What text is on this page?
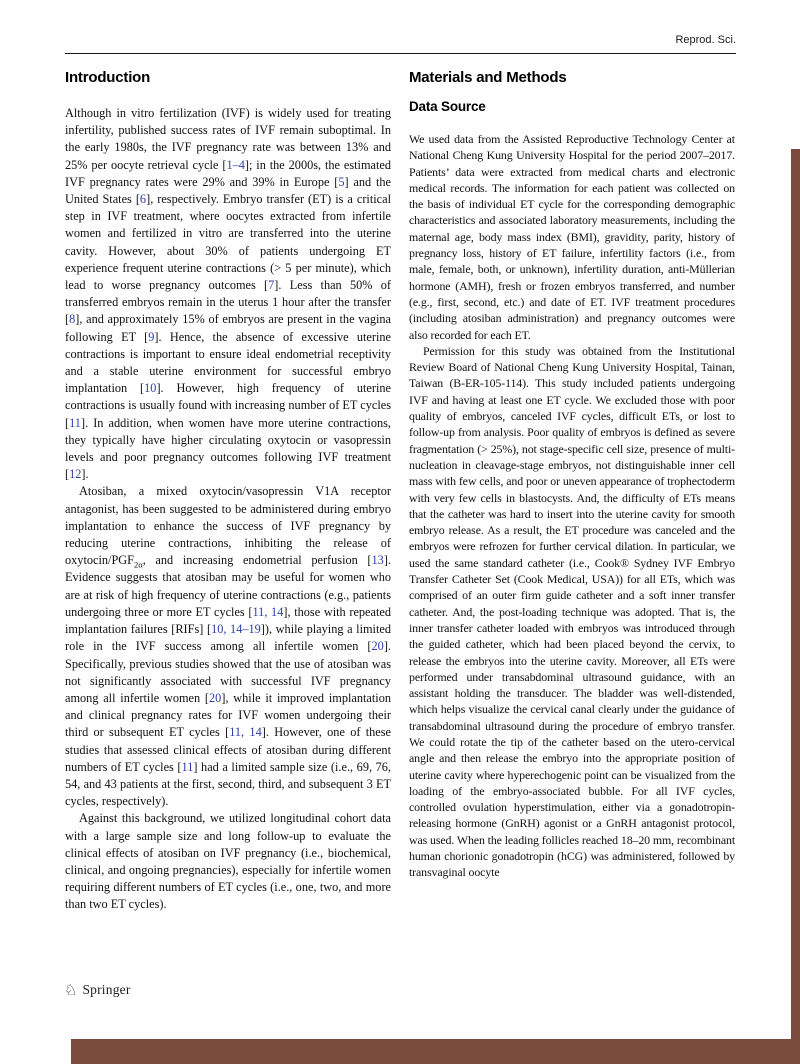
Reprod. Sci.
Introduction

Although in vitro fertilization (IVF) is widely used for treating infertility, published success rates of IVF remain suboptimal. In the early 1980s, the IVF pregnancy rate was between 13% and 25% per oocyte retrieval cycle [1–4]; in the 2000s, the estimated IVF pregnancy rates were 29% and 39% in Europe [5] and the United States [6], respectively. Embryo transfer (ET) is a critical step in IVF treatment, where oocytes extracted from infertile women and fertilized in vitro are transferred into the uterine cavity. However, about 30% of patients undergoing ET experience frequent uterine contractions (> 5 per minute), which lead to worse pregnancy outcomes [7]. Less than 50% of transferred embryos remain in the uterus 1 hour after the transfer [8], and approximately 15% of embryos are present in the vagina following ET [9]. Hence, the absence of excessive uterine contractions is important to ensure ideal endometrial receptivity and a stable uterine environment for successful embryo implantation [10]. However, high frequency of uterine contractions is usually found with increasing number of ET cycles [11]. In addition, when women have more uterine contractions, they typically have higher circulating oxytocin or vasopressin levels and poor pregnancy outcomes following IVF treatment [12].

Atosiban, a mixed oxytocin/vasopressin V1A receptor antagonist, has been suggested to be administered during embryo implantation to enhance the success of IVF pregnancy by reducing uterine contractions, inhibiting the release of oxytocin/$PGF_{2\alpha}$, and increasing endometrial perfusion [13]. Evidence suggests that atosiban may be useful for women who are at risk of high frequency of uterine contractions (e.g., patients undergoing three or more ET cycles [11, 14], those with repeated implantation failures [RIFs] [10, 14–19]), while playing a limited role in the IVF success among all infertile women [20]. Specifically, previous studies showed that the use of atosiban was not significantly associated with successful IVF pregnancy among all infertile women [20], while it improved implantation and clinical pregnancy rates for IVF women undergoing their third or subsequent ET cycles [11, 14]. However, one of these studies that assessed clinical effects of atosiban during different numbers of ET cycles [11] had a limited sample size (i.e., 69, 76, 54, and 43 patients at the first, second, third, and subsequent 3 ET cycles, respectively).

Against this background, we utilized longitudinal cohort data with a large sample size and long follow-up to evaluate the clinical effects of atosiban on IVF pregnancy (i.e., biochemical, clinical, and ongoing pregnancies), especially for infertile women requiring different numbers of ET cycles (i.e., one, two, and more than two ET cycles).

Materials and Methods
Data Source

We used data from the Assisted Reproductive Technology Center at National Cheng Kung University Hospital for the period 2007–2017. Patients’ data were extracted from medical charts and electronic medical records. The information for each patient was collected on the basis of individual ET cycle for the corresponding demographic characteristics and associated laboratory measurements, including the maternal age, body mass index (BMI), gravidity, parity, history of pregnancy loss, history of ET failure, infertility factors (i.e., from male, female, both, or unknown), infertility duration, anti-Müllerian hormone (AMH), fresh or frozen embryos transferred, and number (e.g., first, second, etc.) and date of ET. IVF treatment procedures (including atosiban administration) and pregnancy outcomes were also recorded for each ET.

Permission for this study was obtained from the Institutional Review Board of National Cheng Kung University Hospital, Tainan, Taiwan (B-ER-105-114). This study included patients undergoing IVF and having at least one ET cycle. We excluded those with poor quality of embryos, canceled IVF cycles, difficult ETs, or lost to follow-up from analysis. Poor quality of embryos is defined as severe fragmentation (> 25%), not stage-specific cell size, presence of multi-nucleation in cleavage-stage embryos, not distinguishable inner cell mass with few cells, and poor or uneven appearance of trophectoderm with very few cells in blastocysts. And, the difficulty of ETs means that the catheter was hard to insert into the uterine cavity for smooth embryo release. As a result, the ET procedure was canceled and the embryos were refrozen for further cervical dilation. In particular, we used the same standard catheter (i.e., Cook® Sydney IVF Embryo Transfer Catheter Set (Cook Medical, USA)) for all ETs, which was comprised of an outer firm guide catheter and a soft inner transfer catheter. And, the post-loading technique was adopted. That is, the inner transfer catheter loaded with embryos was introduced through the guided catheter, which had been placed beyond the cervix, to release the embryos into the uterine cavity. Moreover, all ETs were performed under transabdominal ultrasound guidance, with an assistant holding the transducer. The bladder was well-distended, which helps visualize the cervical canal clearly under the guidance of transabdominal ultrasound during the procedure of embryo transfer. We could rotate the tip of the catheter based on the utero-cervical angle and then release the embryo into the appropriate position of uterine cavity where hyperechogenic point can be visualized from the loading of the embryo-associated bubble. For all IVF cycles, controlled ovulation hyperstimulation, either via a gonadotropin-releasing hormone (GnRH) agonist or a GnRH antagonist protocol, was used. When the leading follicles reached 18–20 mm, recombinant human chorionic gonadotropin (hCG) was administered, followed by transvaginal oocyte

♘ Springer
